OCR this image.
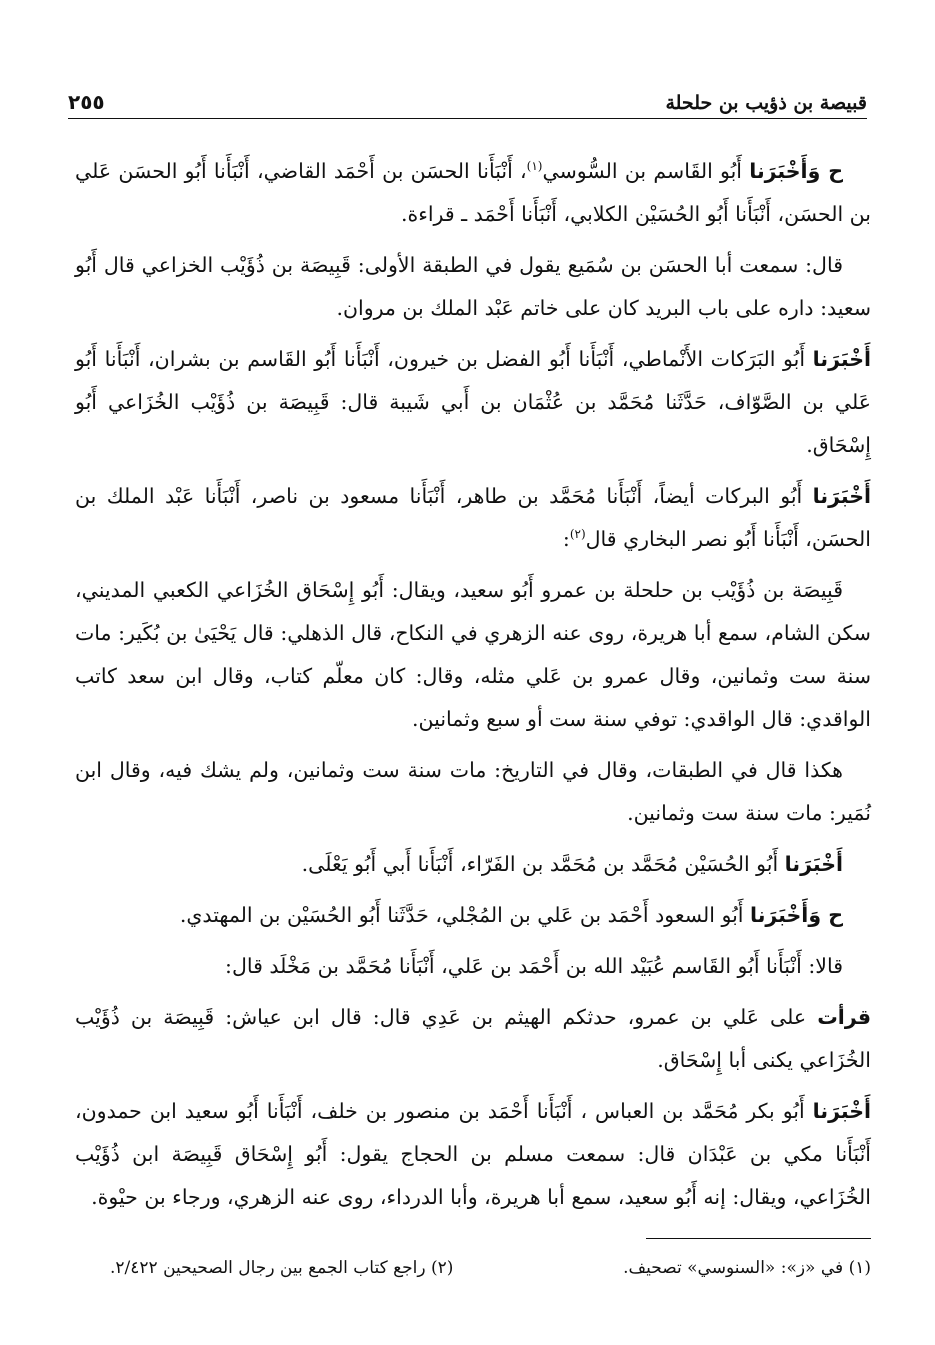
قبيصة بن ذؤيب بن حلحلة
٢٥٥

ح وَأَخْبَرَنا أَبُو القَاسم بن السُّوسي$^{(١)}$، أَنْبَأَنا الحسَن بن أَحْمَد القاضي، أَنْبَأَنا أَبُو الحسَن عَلي بن الحسَن، أَنْبَأَنا أَبُو الحُسَيْن الكلابي، أَنْبَأَنا أَحْمَد ـ قراءة.

قال: سمعت أبا الحسَن بن سُمَيع يقول في الطبقة الأولى: قَبِيصَة بن ذُؤَيْب الخزاعي قال أَبُو سعيد: داره على باب البريد كان على خاتم عَبْد الملك بن مروان.

أَخْبَرَنا أَبُو البَرَكات الأَنْماطي، أَنْبَأَنا أَبُو الفضل بن خيرون، أَنْبَأَنا أَبُو القَاسم بن بشران، أَنْبَأَنا أَبُو عَلي بن الصَّوّاف، حَدَّثَنا مُحَمَّد بن عُثْمَان بن أَبي شَيبة قال: قَبِيصَة بن ذُؤَيْب الخُزَاعي أَبُو إِسْحَاق.

أَخْبَرَنا أَبُو البركات أيضاً، أَنْبَأَنا مُحَمَّد بن طاهر، أَنْبَأَنا مسعود بن ناصر، أَنْبَأَنا عَبْد الملك بن الحسَن، أَنْبَأَنا أَبُو نصر البخاري قال$^{(٢)}$:

قَبِيصَة بن ذُؤَيْب بن حلحلة بن عمرو أَبُو سعيد، ويقال: أَبُو إِسْحَاق الخُزَاعي الكعبي المديني، سكن الشام، سمع أبا هريرة، روى عنه الزهري في النكاح، قال الذهلي: قال يَحْيَىٰ بن بُكَير: مات سنة ست وثمانين، وقال عمرو بن عَلي مثله، وقال: كان معلّم كتاب، وقال ابن سعد كاتب الواقدي: قال الواقدي: توفي سنة ست أو سبع وثمانين.

هكذا قال في الطبقات، وقال في التاريخ: مات سنة ست وثمانين، ولم يشك فيه، وقال ابن نُمَير: مات سنة ست وثمانين.

أَخْبَرَنا أَبُو الحُسَيْن مُحَمَّد بن مُحَمَّد بن الفَرّاء، أَنْبَأَنا أَبي أَبُو يَعْلَى.

ح وَأَخْبَرَنا أَبُو السعود أَحْمَد بن عَلي بن المُجْلي، حَدَّثَنا أَبُو الحُسَيْن بن المهتدي.

قالا: أَنْبَأَنا أَبُو القَاسم عُبَيْد الله بن أَحْمَد بن عَلي، أَنْبَأَنا مُحَمَّد بن مَخْلَد قال:

قرأت على عَلي بن عمرو، حدثكم الهيثم بن عَدِي قال: قال ابن عياش: قَبِيصَة بن ذُؤَيْب الخُزَاعي يكنى أبا إِسْحَاق.

أَخْبَرَنا أَبُو بكر مُحَمَّد بن العباس ، أَنْبَأَنا أَحْمَد بن منصور بن خلف، أَنْبَأَنا أَبُو سعيد ابن حمدون، أَنْبَأَنا مكي بن عَبْدَان قال: سمعت مسلم بن الحجاج يقول: أَبُو إِسْحَاق قَبِيصَة ابن ذُؤَيْب الخُزَاعي، ويقال: إنه أَبُو سعيد، سمع أبا هريرة، وأبا الدرداء، روى عنه الزهري، ورجاء بن حيْوة.

(١) في «ز»: «السنوسي» تصحيف.
(٢) راجع كتاب الجمع بين رجال الصحيحين ٢/٤٢٢.
